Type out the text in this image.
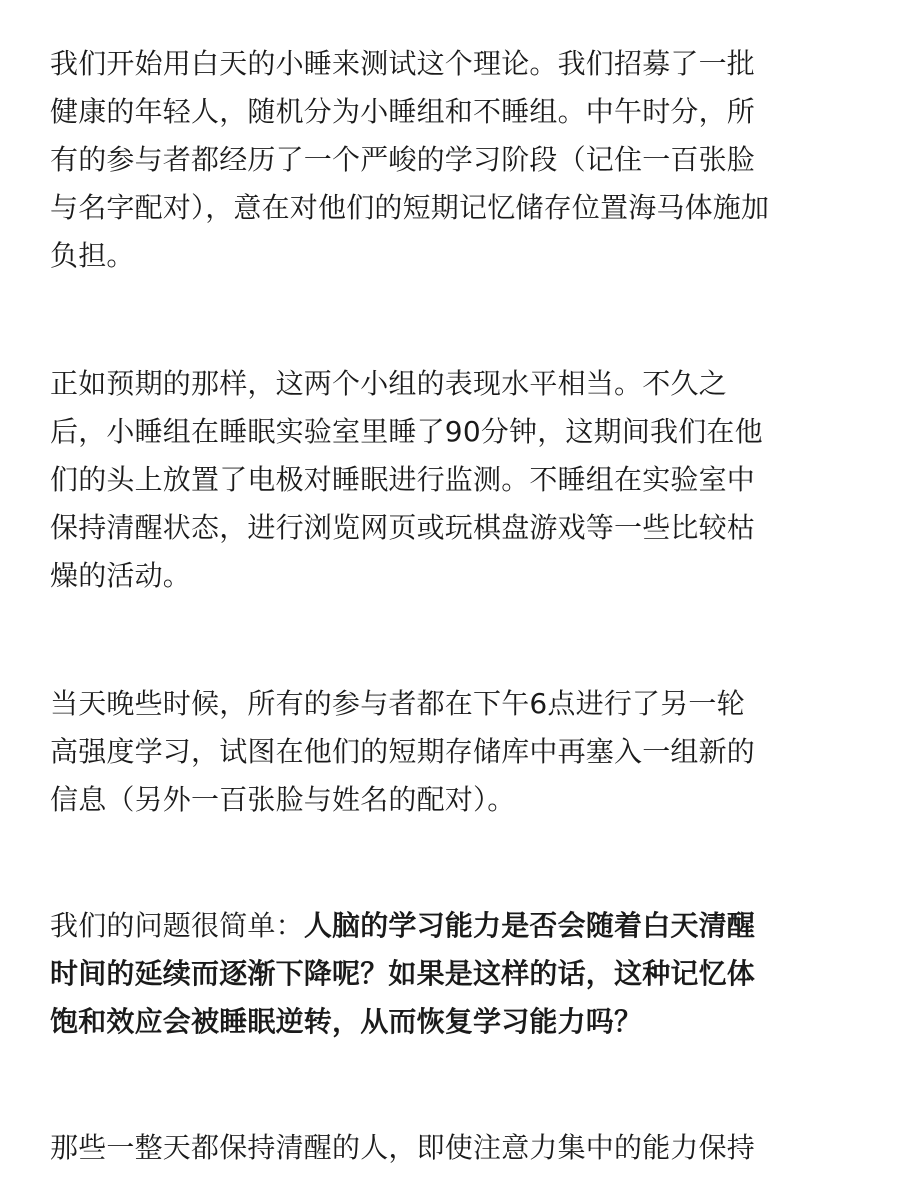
我们开始用白天的小睡来测试这个理论。我们招募了一批
健康的年轻人，随机分为小睡组和不睡组。中午时分，所
有的参与者都经历了一个严峻的学习阶段（记住一百张脸
与名字配对），意在对他们的短期记忆储存位置海马体施加
负担。

正如预期的那样，这两个小组的表现水平相当。不久之
后，小睡组在睡眠实验室里睡了90分钟，这期间我们在他
们的头上放置了电极对睡眠进行监测。不睡组在实验室中
保持清醒状态，进行浏览网页或玩棋盘游戏等一些比较枯
燥的活动。

当天晚些时候，所有的参与者都在下午6点进行了另一轮
高强度学习，试图在他们的短期存储库中再塞入一组新的
信息（另外一百张脸与姓名的配对）。

我们的问题很简单：人脑的学习能力是否会随着白天清醒
时间的延续而逐渐下降呢？如果是这样的话，这种记忆体
饱和效应会被睡眠逆转，从而恢复学习能力吗？

那些一整天都保持清醒的人，即使注意力集中的能力保持
